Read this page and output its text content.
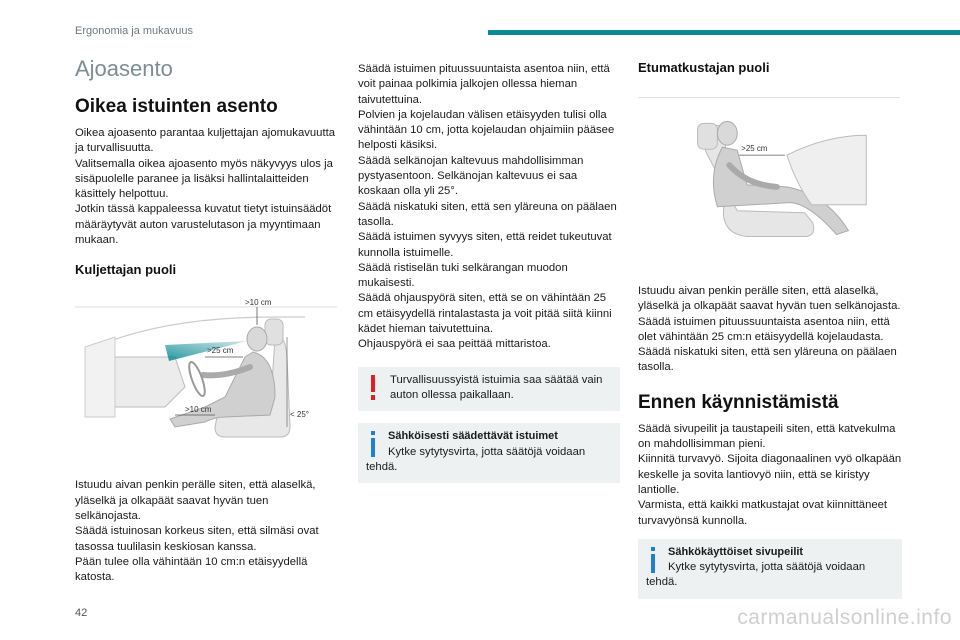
Ergonomia ja mukavuus
Ajoasento
Oikea istuinten asento
Oikea ajoasento parantaa kuljettajan ajomukavuutta ja turvallisuutta.
Valitsemalla oikea ajoasento myös näkyvyys ulos ja sisäpuolelle paranee ja lisäksi hallintalaitteiden käsittely helpottuu.
Jotkin tässä kappaleessa kuvatut tietyt istuinsäädöt määräytyvät auton varustelutason ja myyntimaan mukaan.
Kuljettajan puoli
>10 cm
>25 cm
>10 cm
< 25°
Istuudu aivan penkin perälle siten, että alaselkä, yläselkä ja olkapäät saavat hyvän tuen selkänojasta.
Säädä istuinosan korkeus siten, että silmäsi ovat tasossa tuulilasin keskiosan kanssa.
Pään tulee olla vähintään 10 cm:n etäisyydellä katosta.
Säädä istuimen pituussuuntaista asentoa niin, että voit painaa polkimia jalkojen ollessa hieman taivutettuina.
Polvien ja kojelaudan välisen etäisyyden tulisi olla vähintään 10 cm, jotta kojelaudan ohjaimiin pääsee helposti käsiksi.
Säädä selkänojan kaltevuus mahdollisimman pystyasentoon. Selkänojan kaltevuus ei saa koskaan olla yli 25°.
Säädä niskatuki siten, että sen yläreuna on päälaen tasolla.
Säädä istuimen syvyys siten, että reidet tukeutuvat kunnolla istuimelle.
Säädä ristiselän tuki selkärangan muodon mukaisesti.
Säädä ohjauspyörä siten, että se on vähintään 25 cm etäisyydellä rintalastasta ja voit pitää siitä kiinni kädet hieman taivutettuina.
Ohjauspyörä ei saa peittää mittaristoa.
Turvallisuussyistä istuimia saa säätää vain auton ollessa paikallaan.
Sähköisesti säädettävät istuimet
Kytke sytytysvirta, jotta säätöjä voidaan
tehdä.
Etumatkustajan puoli
>25 cm
Istuudu aivan penkin perälle siten, että alaselkä, yläselkä ja olkapäät saavat hyvän tuen selkänojasta.
Säädä istuimen pituussuuntaista asentoa niin, että olet vähintään 25 cm:n etäisyydellä kojelaudasta.
Säädä niskatuki siten, että sen yläreuna on päälaen tasolla.
Ennen käynnistämistä
Säädä sivupeilit ja taustapeili siten, että katvekulma on mahdollisimman pieni.
Kiinnitä turvavyö. Sijoita diagonaalinen vyö olkapään keskelle ja sovita lantiovyö niin, että se kiristyy lantiolle.
Varmista, että kaikki matkustajat ovat kiinnittäneet turvavyönsä kunnolla.
Sähkökäyttöiset sivupeilit
Kytke sytytysvirta, jotta säätöjä voidaan
tehdä.
42	carmanualsonline.info
